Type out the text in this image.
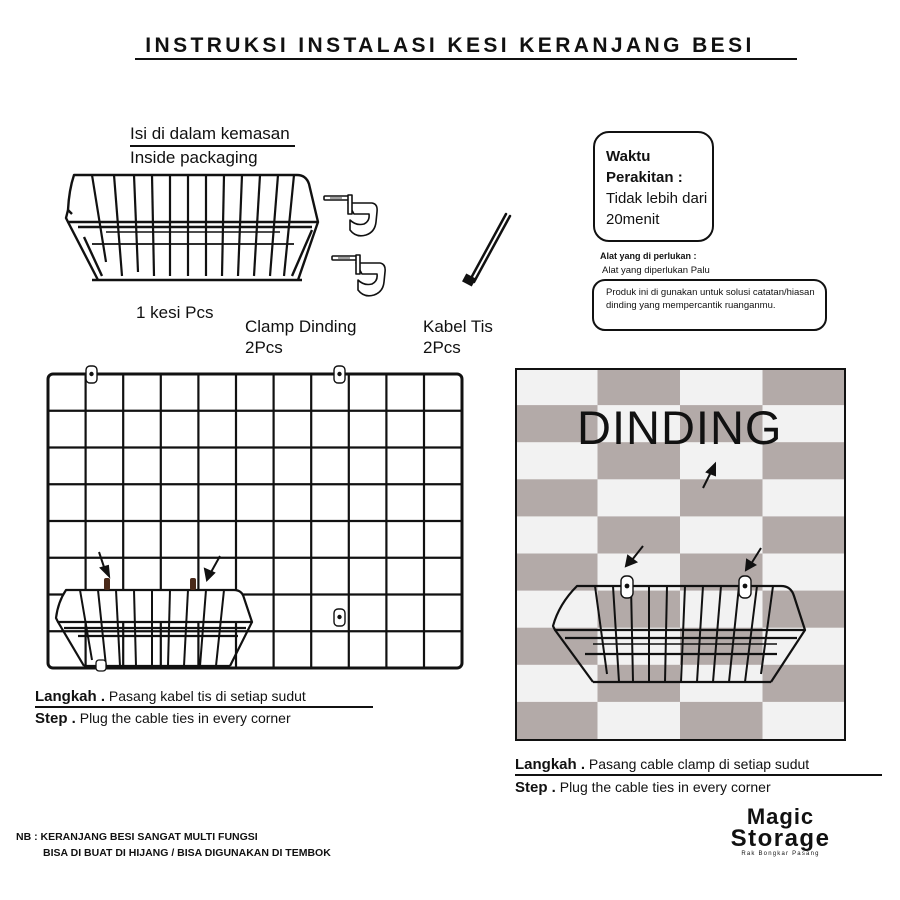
INSTRUKSI INSTALASI KESI KERANJANG BESI
Isi di dalam kemasan
Inside packaging
1 kesi Pcs
Clamp Dinding
2Pcs
Kabel Tis
2Pcs
Waktu Perakitan :
Tidak lebih dari 20menit
Alat yang di perlukan :
Alat yang diperlukan Palu
Produk ini di gunakan untuk solusi catatan/hiasan dinding yang mempercantik ruanganmu.
Langkah . Pasang kabel tis di setiap sudut
Step . Plug the cable ties in every corner
DINDING
Langkah . Pasang cable clamp di setiap sudut
Step . Plug the cable ties in every corner
NB : KERANJANG BESI SANGAT MULTI FUNGSI
BISA DI BUAT DI HIJANG / BISA DIGUNAKAN DI TEMBOK
Magic
Storage
Rak Bongkar Pasang
